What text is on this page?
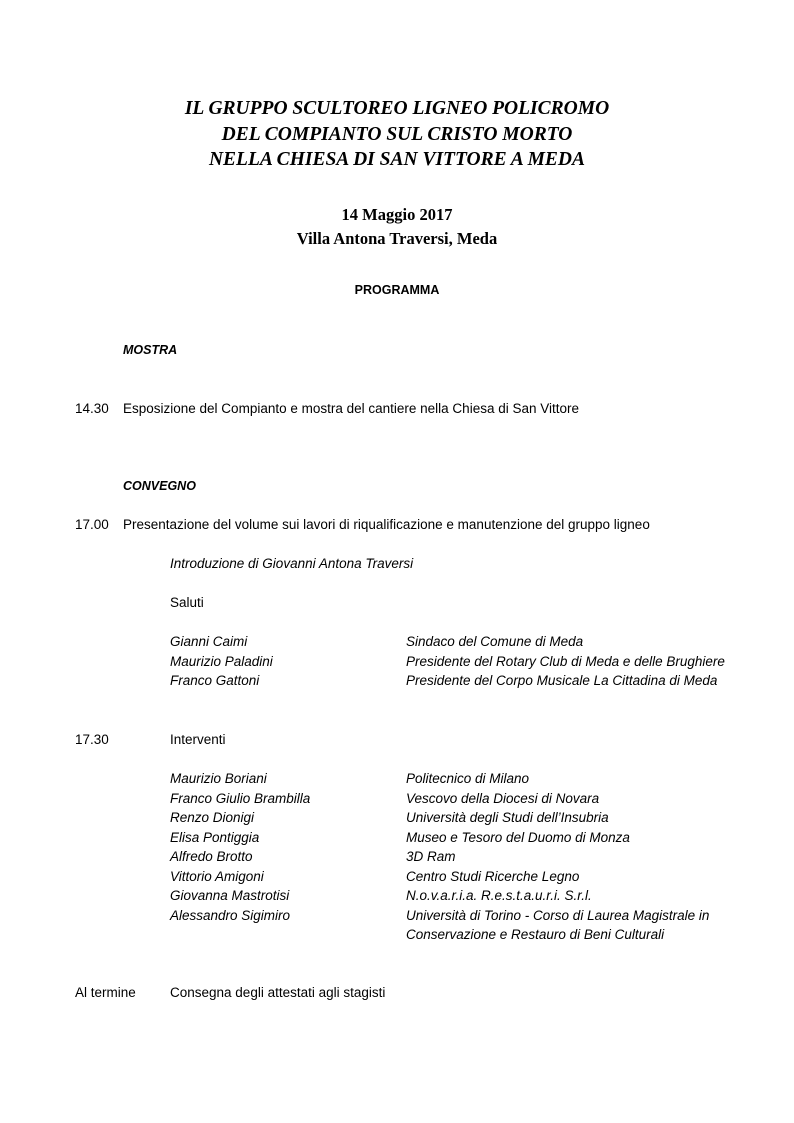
IL GRUPPO SCULTOREO LIGNEO POLICROMO
DEL COMPIANTO SUL CRISTO MORTO
NELLA CHIESA DI SAN VITTORE A MEDA
14 Maggio 2017
Villa Antona Traversi, Meda
PROGRAMMA
MOSTRA
14.30 Esposizione del Compianto e mostra del cantiere nella Chiesa di San Vittore
CONVEGNO
17.00 Presentazione del volume sui lavori di riqualificazione e manutenzione del gruppo ligneo
Introduzione di Giovanni Antona Traversi
Saluti
Gianni Caimi	Sindaco del Comune di Meda
Maurizio Paladini	Presidente del Rotary Club di Meda e delle Brughiere
Franco Gattoni	Presidente del Corpo Musicale La Cittadina di Meda
17.30	Interventi
Maurizio Boriani	Politecnico di Milano
Franco Giulio Brambilla	Vescovo della Diocesi di Novara
Renzo Dionigi	Università degli Studi dell’Insubria
Elisa Pontiggia	Museo e Tesoro del Duomo di Monza
Alfredo Brotto	3D Ram
Vittorio Amigoni	Centro Studi Ricerche Legno
Giovanna Mastrotisi	N.o.v.a.r.i.a. R.e.s.t.a.u.r.i. S.r.l.
Alessandro Sigimiro	Università di Torino - Corso di Laurea Magistrale in
Conservazione e Restauro di Beni Culturali
Al termine	Consegna degli attestati agli stagisti
